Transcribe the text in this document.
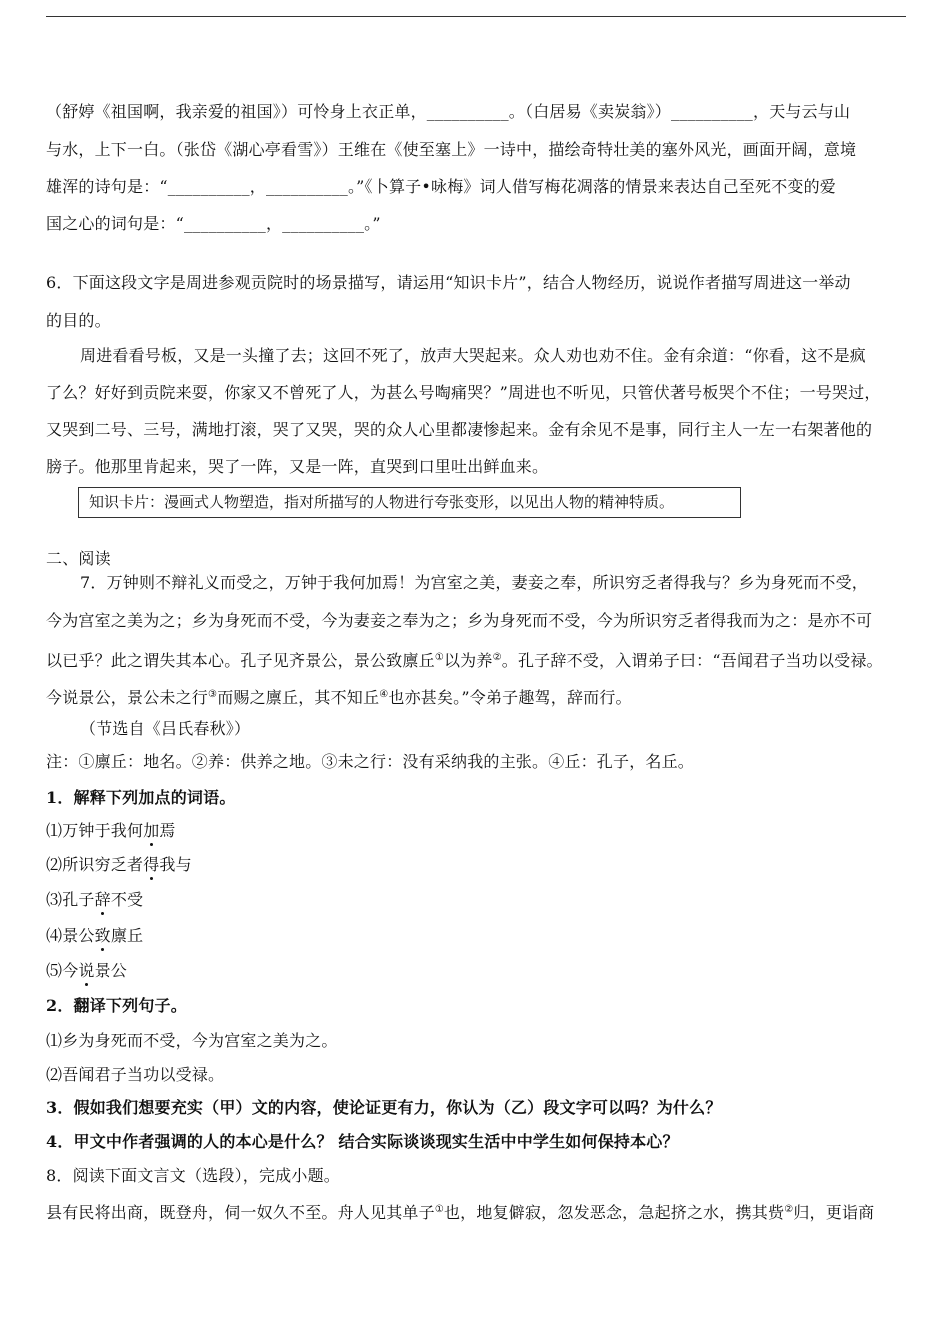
（舒婷《祖国啊，我亲爱的祖国》）可怜身上衣正单，__________。（白居易《卖炭翁》）__________，天与云与山
与水，上下一白。（张岱《湖心亭看雪》）王维在《使至塞上》一诗中，描绘奇特壮美的塞外风光，画面开阔，意境
雄浑的诗句是：“__________，__________。”《卜算子•咏梅》词人借写梅花凋落的情景来表达自己至死不变的爱
国之心的词句是：“__________，__________。”
6．下面这段文字是周进参观贡院时的场景描写，请运用“知识卡片”，结合人物经历，说说作者描写周进这一举动
的目的。
周进看看号板，又是一头撞了去；这回不死了，放声大哭起来。众人劝也劝不住。金有余道：“你看，这不是疯
了么？好好到贡院来耍，你家又不曾死了人，为甚么号啕痛哭？”周进也不听见，只管伏著号板哭个不住；一号哭过，
又哭到二号、三号，满地打滚，哭了又哭，哭的众人心里都凄惨起来。金有余见不是事，同行主人一左一右架著他的
膀子。他那里肯起来，哭了一阵，又是一阵，直哭到口里吐出鲜血来。
知识卡片：漫画式人物塑造，指对所描写的人物进行夸张变形，以见出人物的精神特质。
二、阅读
7．万钟则不辩礼义而受之，万钟于我何加焉！为宫室之美，妻妾之奉，所识穷乏者得我与？乡为身死而不受，
今为宫室之美为之；乡为身死而不受，今为妻妾之奉为之；乡为身死而不受，今为所识穷乏者得我而为之：是亦不可
以已乎？此之谓失其本心。孔子见齐景公，景公致廪丘①以为养②。孔子辞不受，入谓弟子曰：“吾闻君子当功以受禄。
今说景公，景公未之行③而赐之廪丘，其不知丘④也亦甚矣。”令弟子趣驾，辞而行。
（节选自《吕氏春秋》）
注：①廪丘：地名。②养：供养之地。③未之行：没有采纳我的主张。④丘：孔子，名丘。
1．解释下列加点的词语。
⑴万钟于我何加焉
⑵所识穷乏者得我与
⑶孔子辞不受
⑷景公致廪丘
⑸今说景公
2．翻译下列句子。
⑴乡为身死而不受，今为宫室之美为之。
⑵吾闻君子当功以受禄。
3．假如我们想要充实（甲）文的内容，使论证更有力，你认为（乙）段文字可以吗？为什么？
4．甲文中作者强调的人的本心是什么？ 结合实际谈谈现实生活中中学生如何保持本心？
8．阅读下面文言文（选段），完成小题。
县有民将出商，既登舟，伺一奴久不至。舟人见其单子①也，地复僻寂，忽发恶念，急起挤之水，携其赀②归，更诣商
